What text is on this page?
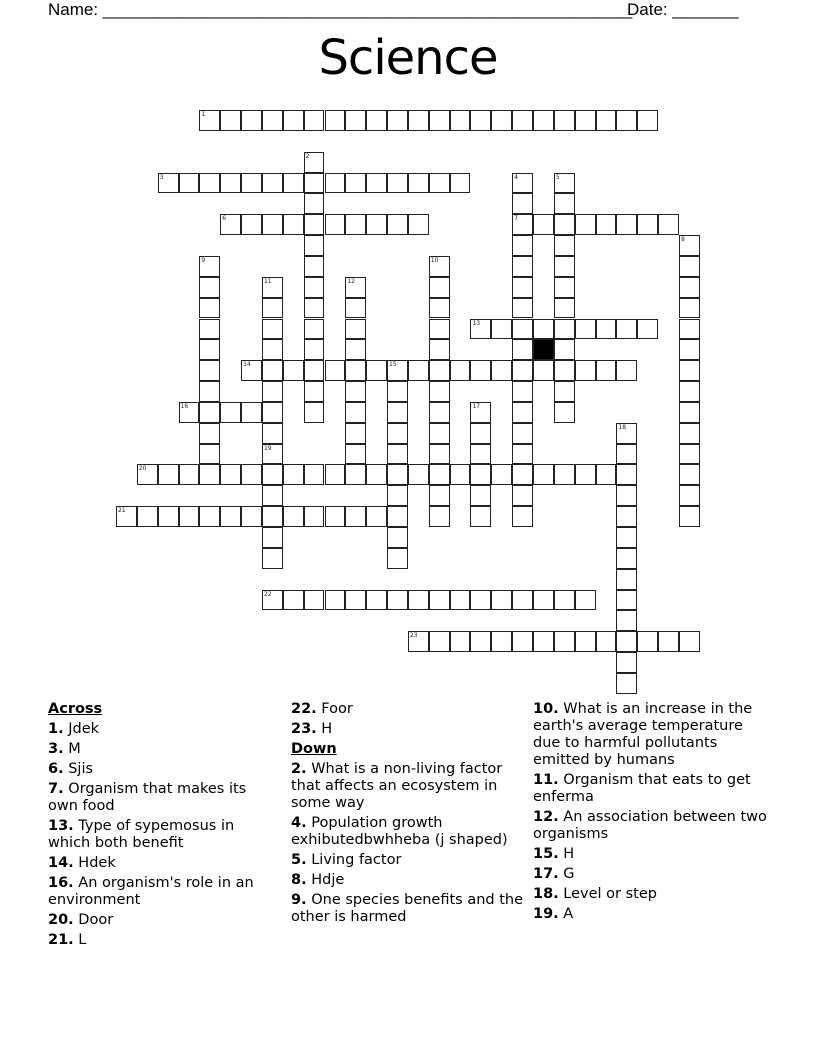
Name: ________________________________________________________
Date: _______
Science
1
2
3	4
7
5
6
8
9	10
11	12
13
14	15
16	17
18
19
20
21
22
23
Across
1. Jdek
3. M
6. Sjis
7. Organism that makes its own food
13. Type of sypemosus in which both benefit
14. Hdek
16. An organism's role in an environment
20. Door
21. L
22. Foor
23. H
Down
2. What is a non-living factor that affects an ecosystem in some way
4. Population growth exhibutedbwhheba (j shaped)
5. Living factor
8. Hdje
9. One species benefits and the other is harmed
10. What is an increase in the earth's average temperature due to harmful pollutants emitted by humans
11. Organism that eats to get enferma
12. An association between two organisms
15. H
17. G
18. Level or step
19. A
